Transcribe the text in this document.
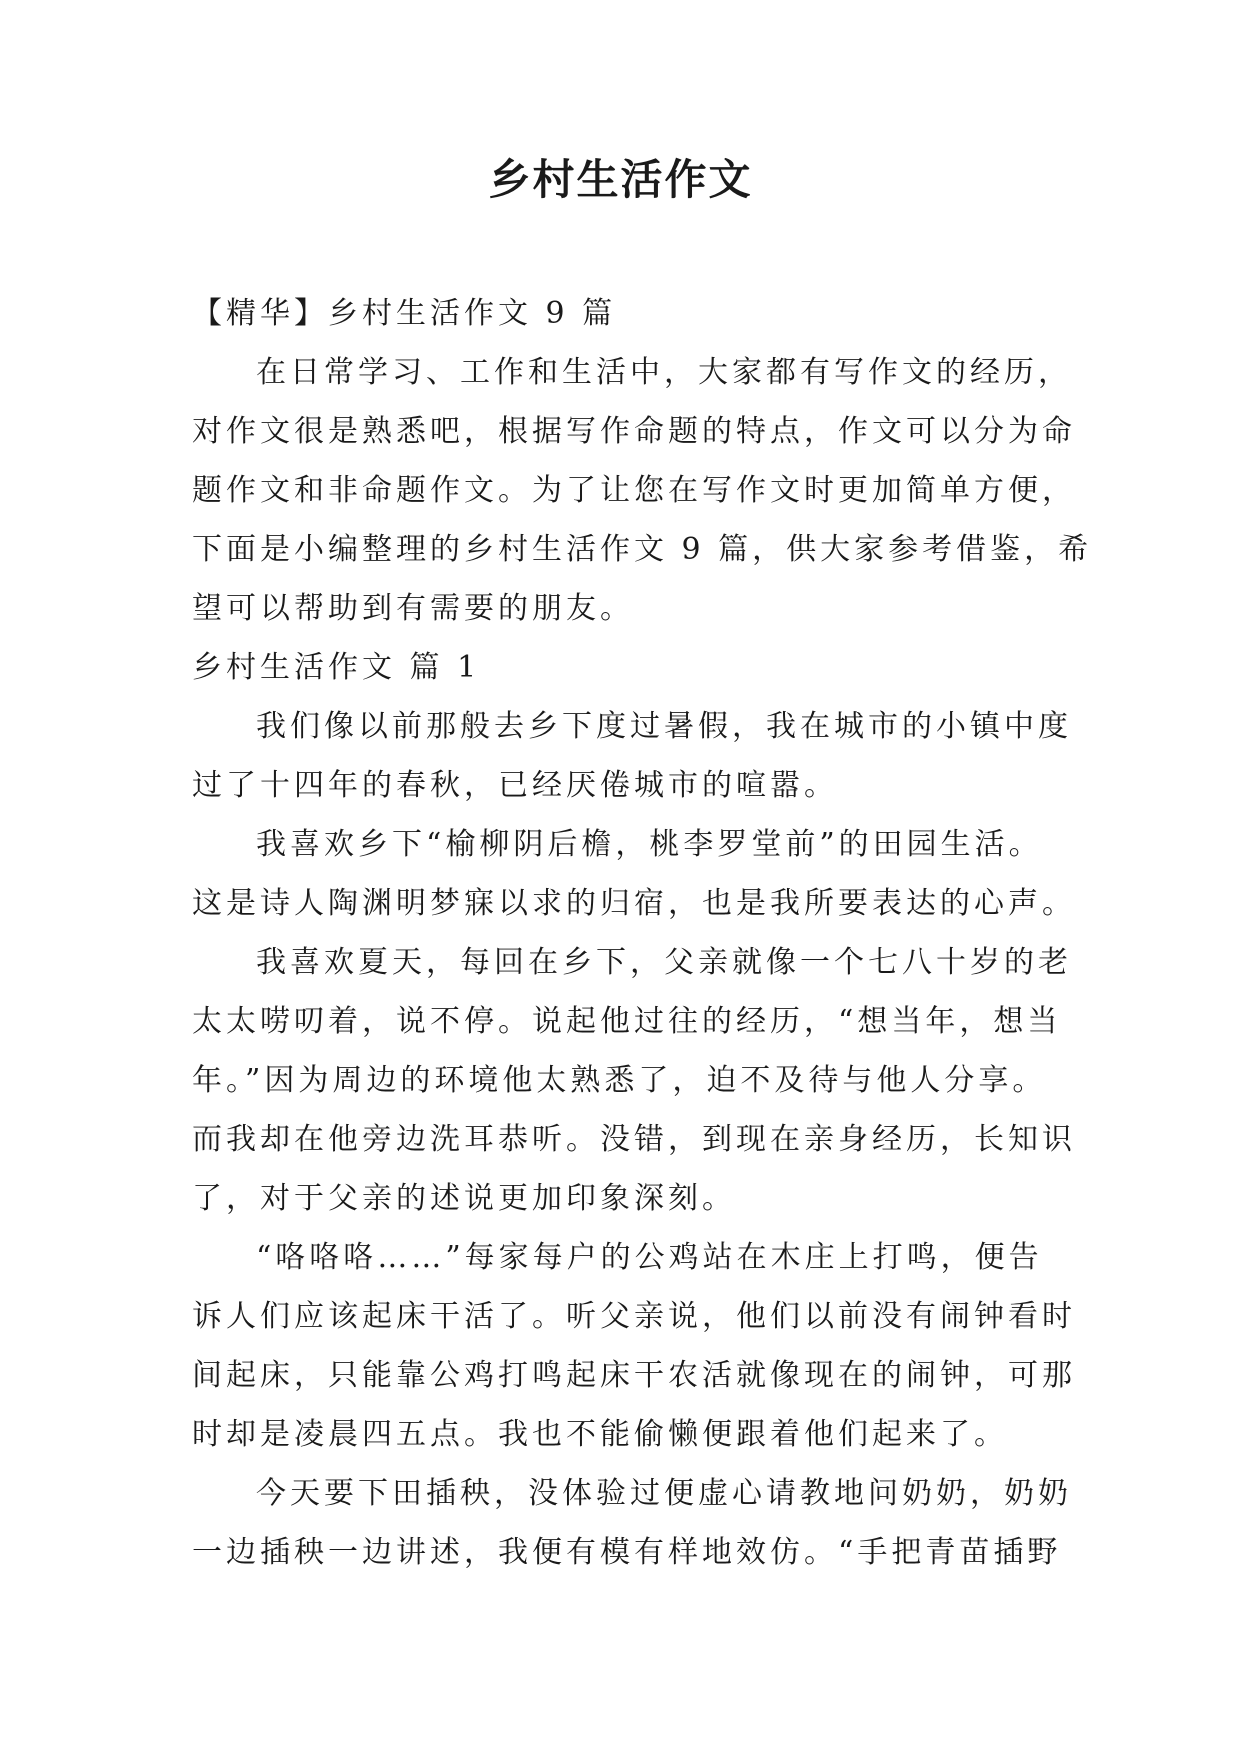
乡村生活作文
【精华】乡村生活作文 9 篇
在日常学习、工作和生活中，大家都有写作文的经历，
对作文很是熟悉吧，根据写作命题的特点，作文可以分为命
题作文和非命题作文。为了让您在写作文时更加简单方便，
下面是小编整理的乡村生活作文 9 篇，供大家参考借鉴，希
望可以帮助到有需要的朋友。
乡村生活作文 篇 1
我们像以前那般去乡下度过暑假，我在城市的小镇中度
过了十四年的春秋，已经厌倦城市的喧嚣。
我喜欢乡下“榆柳阴后檐，桃李罗堂前”的田园生活。
这是诗人陶渊明梦寐以求的归宿，也是我所要表达的心声。
我喜欢夏天，每回在乡下，父亲就像一个七八十岁的老
太太唠叨着，说不停。说起他过往的经历，“想当年，想当
年。”因为周边的环境他太熟悉了，迫不及待与他人分享。
而我却在他旁边洗耳恭听。没错，到现在亲身经历，长知识
了，对于父亲的述说更加印象深刻。
“咯咯咯……”每家每户的公鸡站在木庄上打鸣，便告
诉人们应该起床干活了。听父亲说，他们以前没有闹钟看时
间起床，只能靠公鸡打鸣起床干农活就像现在的闹钟，可那
时却是凌晨四五点。我也不能偷懒便跟着他们起来了。
今天要下田插秧，没体验过便虚心请教地问奶奶，奶奶
一边插秧一边讲述，我便有模有样地效仿。“手把青苗插野
